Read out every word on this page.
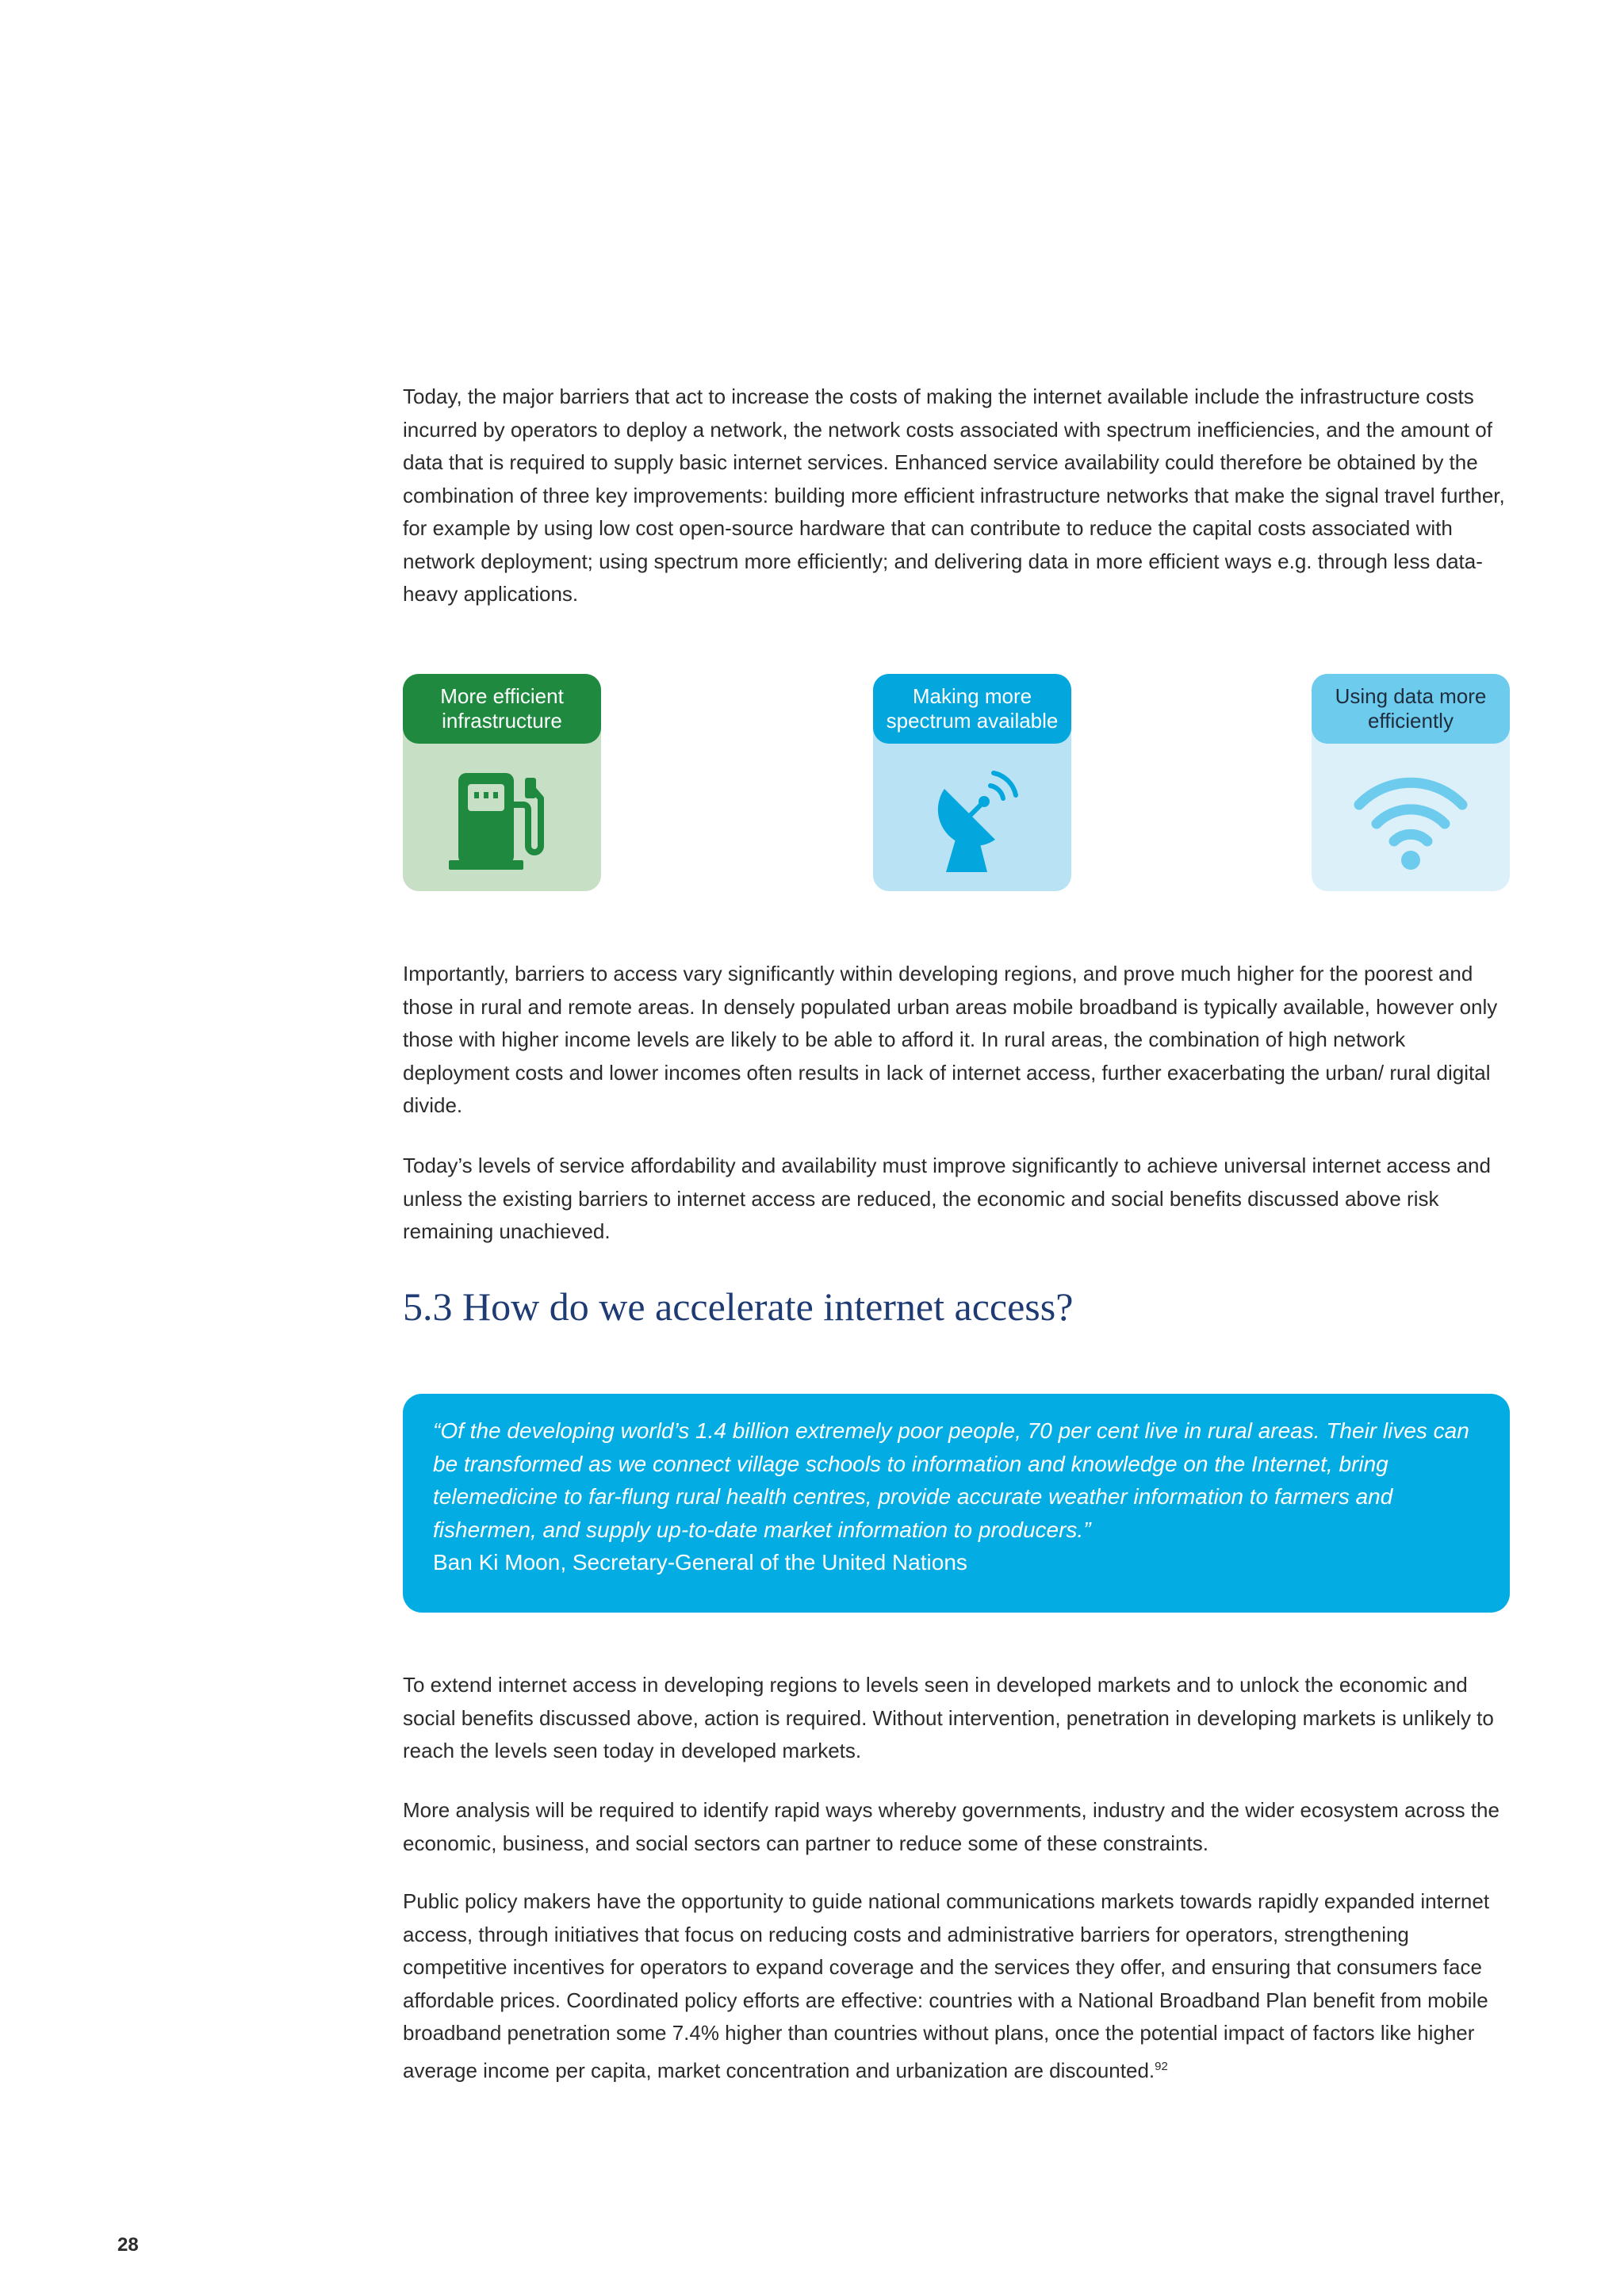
Today, the major barriers that act to increase the costs of making the internet available include the infrastructure costs incurred by operators to deploy a network, the network costs associated with spectrum inefficiencies, and the amount of data that is required to supply basic internet services. Enhanced service availability could therefore be obtained by the combination of three key improvements: building more efficient infrastructure networks that make the signal travel further, for example by using low cost open-source hardware that can contribute to reduce the capital costs associated with network deployment; using spectrum more efficiently; and delivering data in more efficient ways e.g. through less data-heavy applications.

More efficient infrastructure
Making more spectrum available
Using data more efficiently

Importantly, barriers to access vary significantly within developing regions, and prove much higher for the poorest and those in rural and remote areas. In densely populated urban areas mobile broadband is typically available, however only those with higher income levels are likely to be able to afford it. In rural areas, the combination of high network deployment costs and lower incomes often results in lack of internet access, further exacerbating the urban/ rural digital divide.

Today’s levels of service affordability and availability must improve significantly to achieve universal internet access and unless the existing barriers to internet access are reduced, the economic and social benefits discussed above risk remaining unachieved.

5.3 How do we accelerate internet access?

“Of the developing world’s 1.4 billion extremely poor people, 70 per cent live in rural areas. Their lives can be transformed as we connect village schools to information and knowledge on the Internet, bring telemedicine to far-flung rural health centres, provide accurate weather information to farmers and fishermen, and supply up-to-date market information to producers.”

Ban Ki Moon, Secretary-General of the United Nations

To extend internet access in developing regions to levels seen in developed markets and to unlock the economic and social benefits discussed above, action is required. Without intervention, penetration in developing markets is unlikely to reach the levels seen today in developed markets.

More analysis will be required to identify rapid ways whereby governments, industry and the wider ecosystem across the economic, business, and social sectors can partner to reduce some of these constraints.

Public policy makers have the opportunity to guide national communications markets towards rapidly expanded internet access, through initiatives that focus on reducing costs and administrative barriers for operators, strengthening competitive incentives for operators to expand coverage and the services they offer, and ensuring that consumers face affordable prices. Coordinated policy efforts are effective: countries with a National Broadband Plan benefit from mobile broadband penetration some 7.4% higher than countries without plans, once the potential impact of factors like higher average income per capita, market concentration and urbanization are discounted.$^{92}$

28
